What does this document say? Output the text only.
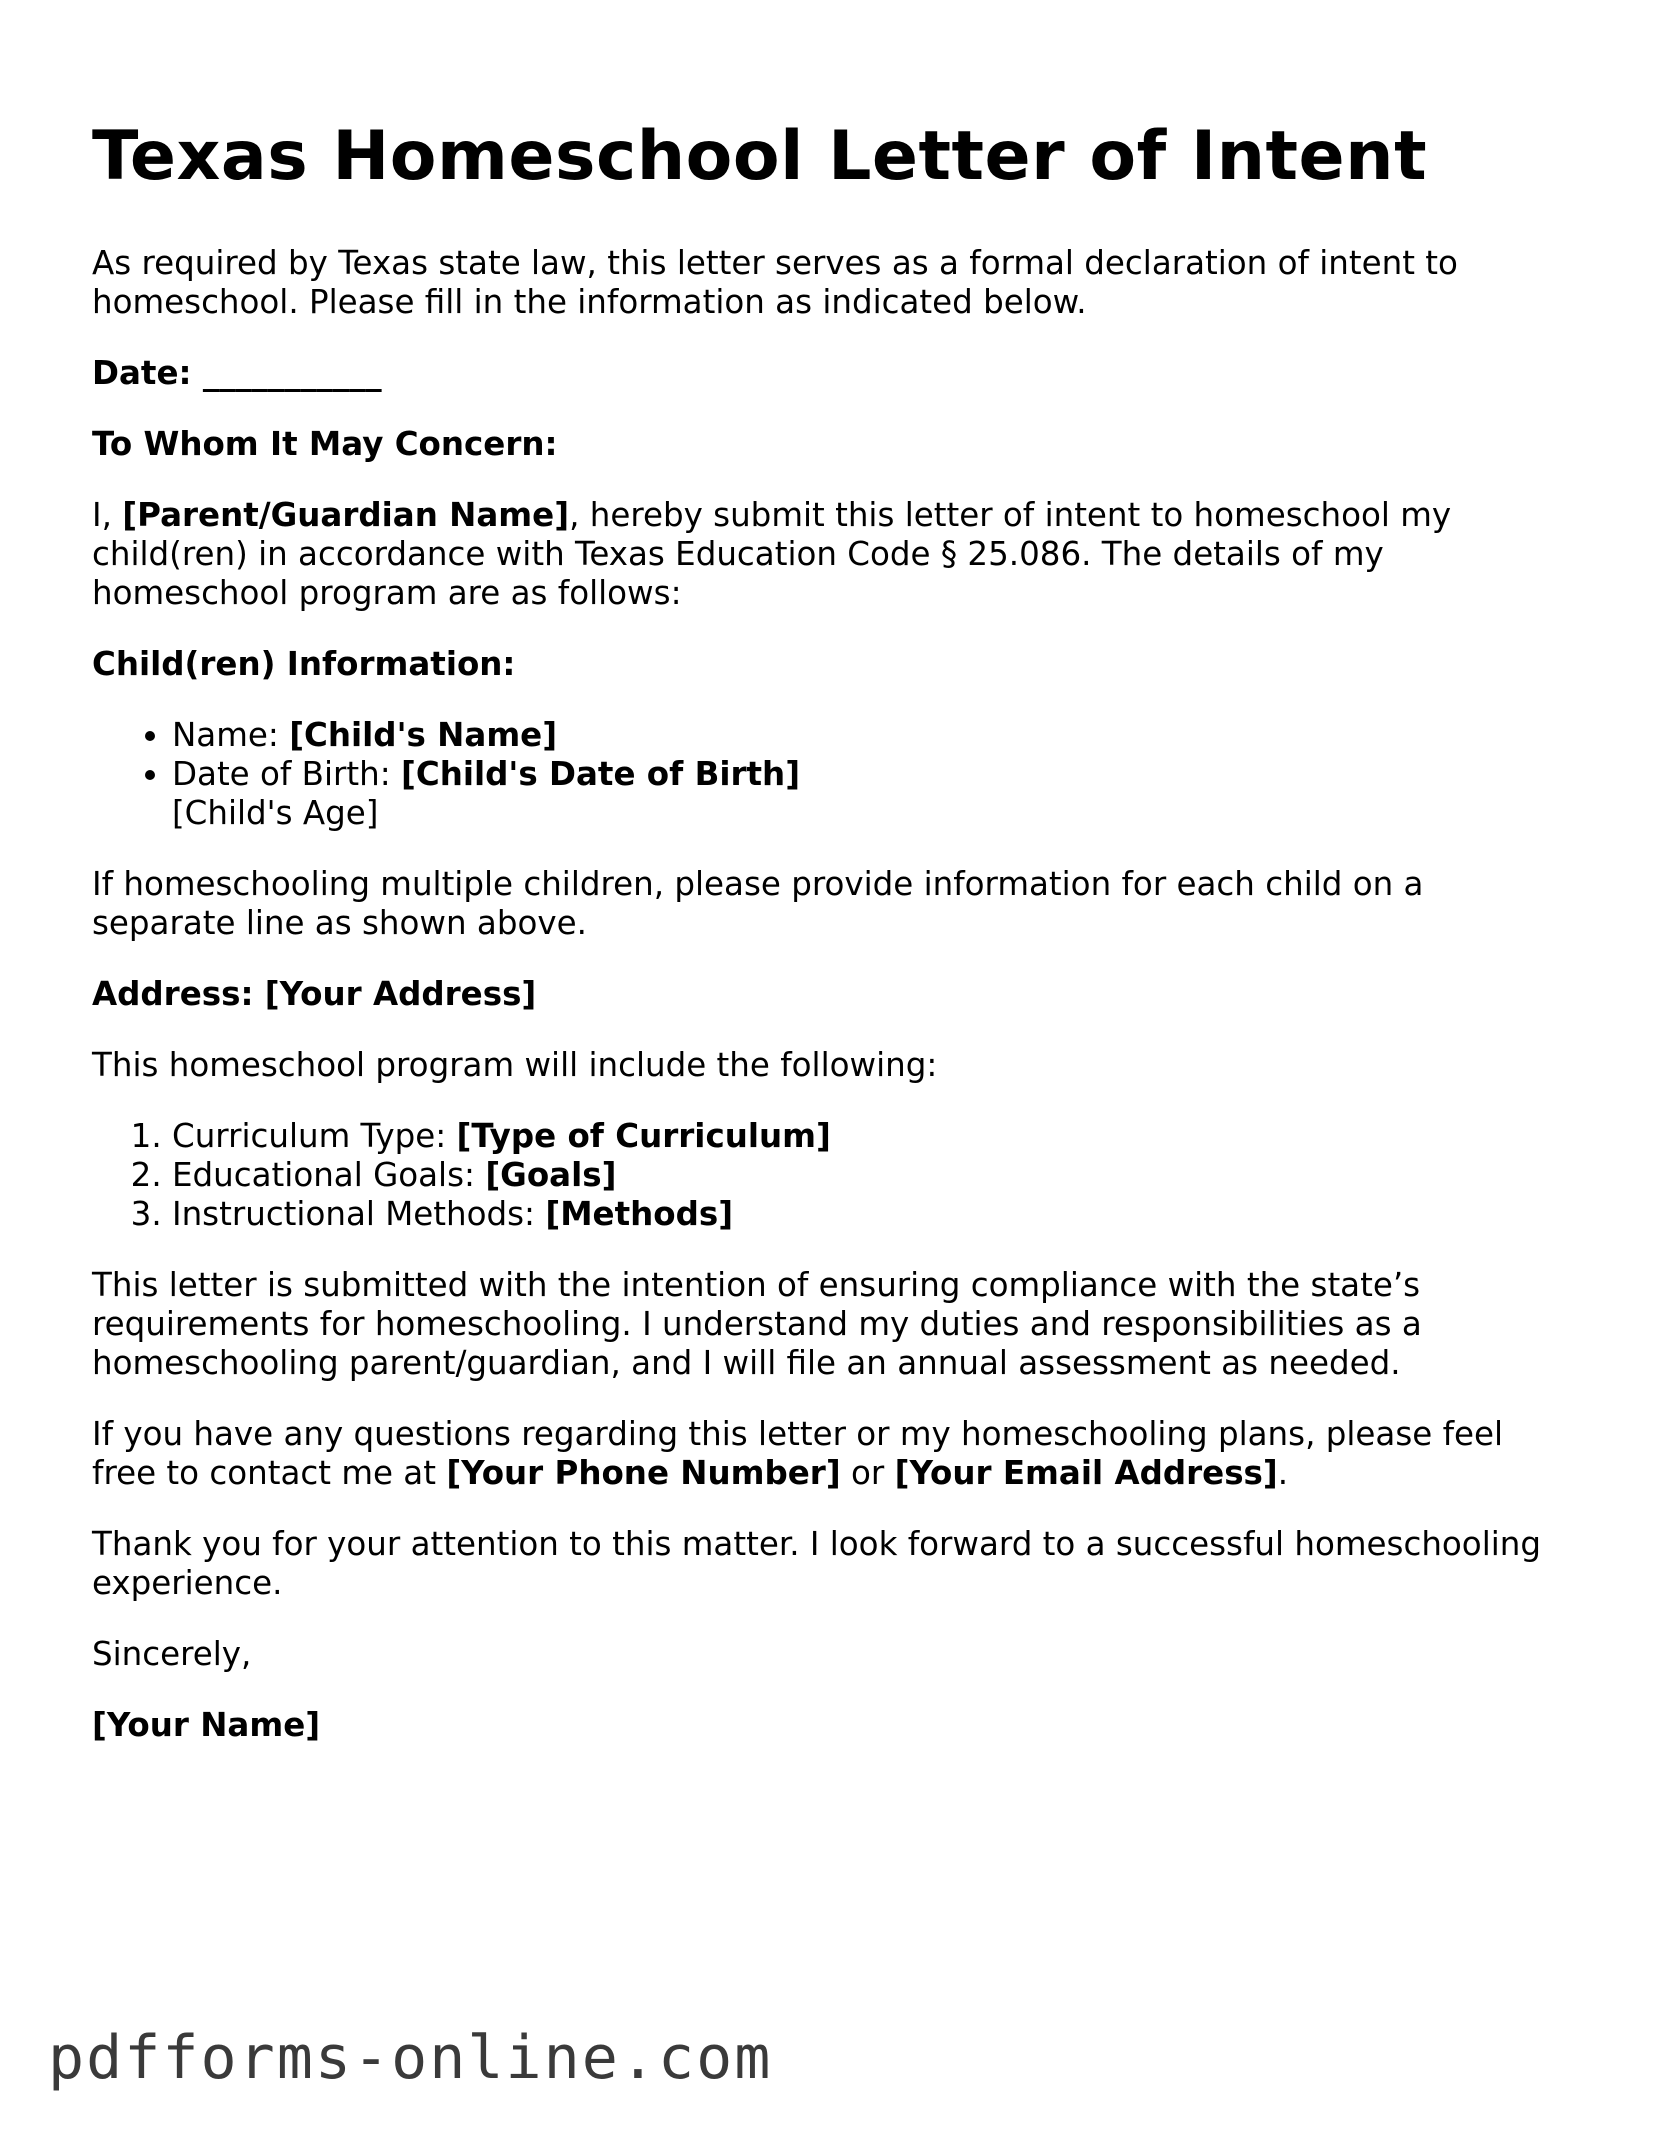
Texas Homeschool Letter of Intent

As required by Texas state law, this letter serves as a formal declaration of intent to homeschool. Please fill in the information as indicated below.

Date: ___________

To Whom It May Concern:

I, [Parent/Guardian Name], hereby submit this letter of intent to homeschool my child(ren) in accordance with Texas Education Code § 25.086. The details of my homeschool program are as follows:

Child(ren) Information:

• Name: [Child's Name]
• Date of Birth: [Child's Date of Birth]
[Child's Age]

If homeschooling multiple children, please provide information for each child on a separate line as shown above.

Address: [Your Address]

This homeschool program will include the following:

1. Curriculum Type: [Type of Curriculum]
2. Educational Goals: [Goals]
3. Instructional Methods: [Methods]

This letter is submitted with the intention of ensuring compliance with the state’s requirements for homeschooling. I understand my duties and responsibilities as a homeschooling parent/guardian, and I will file an annual assessment as needed.

If you have any questions regarding this letter or my homeschooling plans, please feel free to contact me at [Your Phone Number] or [Your Email Address].

Thank you for your attention to this matter. I look forward to a successful homeschooling experience.

Sincerely,

[Your Name]

pdfforms-online.com
